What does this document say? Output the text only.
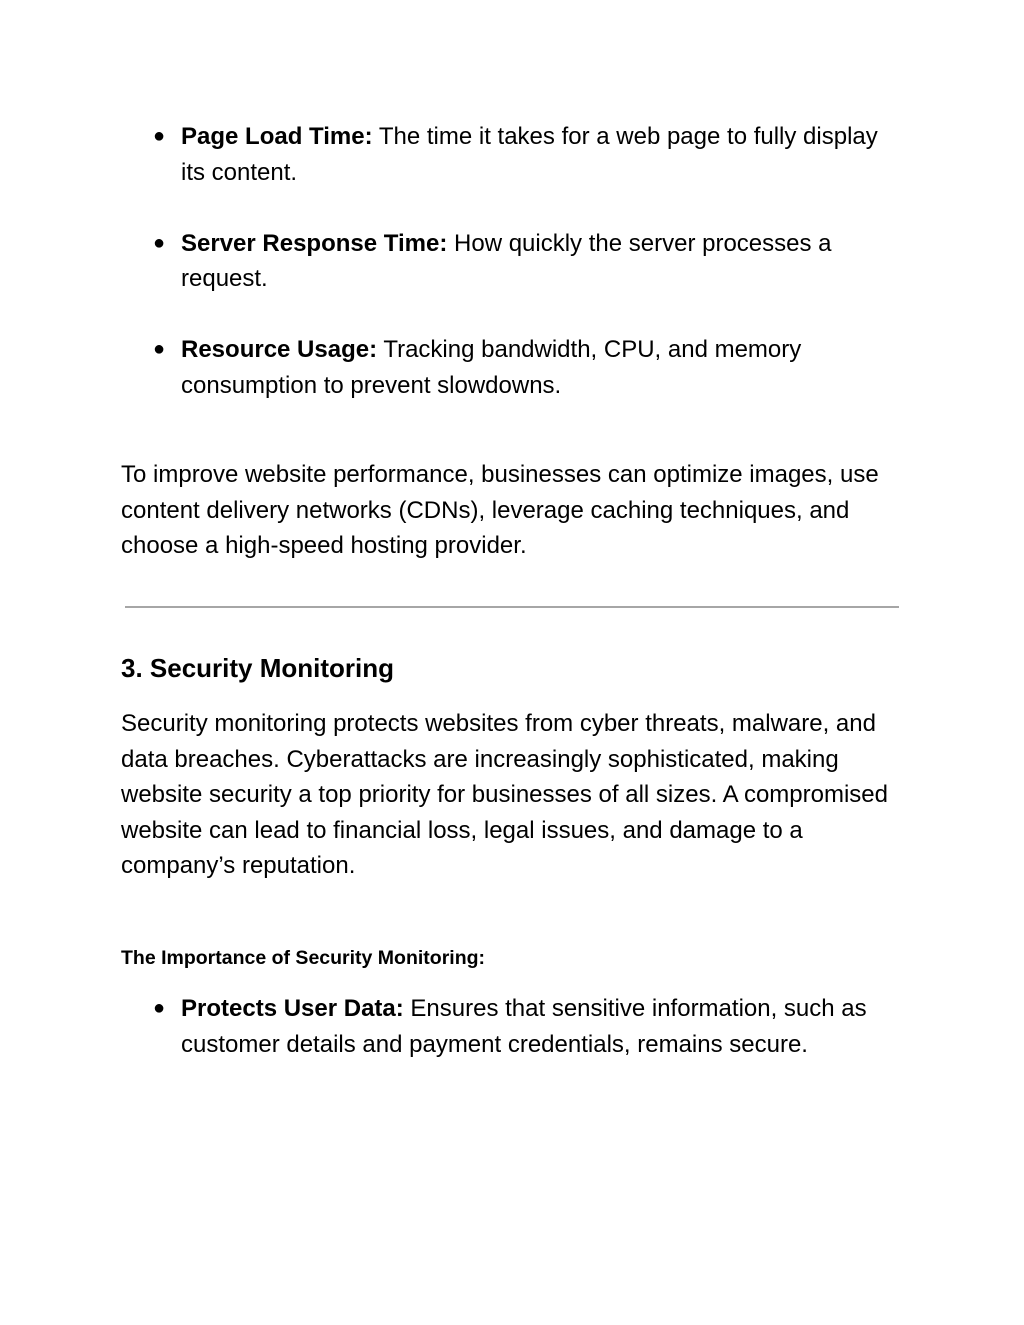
● Page Load Time: The time it takes for a web page to fully display its content.
● Server Response Time: How quickly the server processes a request.
● Resource Usage: Tracking bandwidth, CPU, and memory consumption to prevent slowdowns.

To improve website performance, businesses can optimize images, use content delivery networks (CDNs), leverage caching techniques, and choose a high-speed hosting provider.

3. Security Monitoring

Security monitoring protects websites from cyber threats, malware, and data breaches. Cyberattacks are increasingly sophisticated, making website security a top priority for businesses of all sizes. A compromised website can lead to financial loss, legal issues, and damage to a company’s reputation.

The Importance of Security Monitoring:
● Protects User Data: Ensures that sensitive information, such as customer details and payment credentials, remains secure.
